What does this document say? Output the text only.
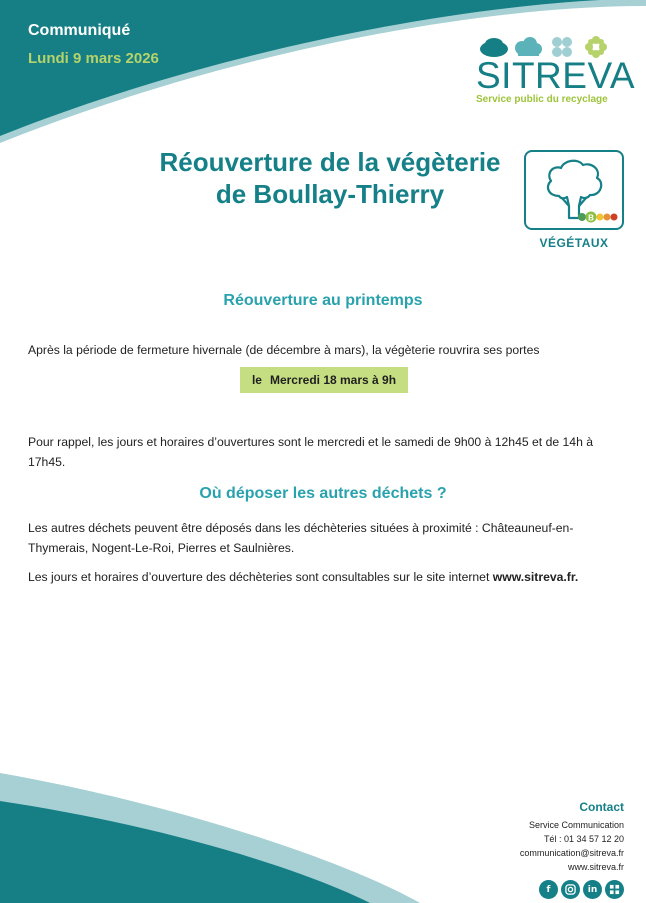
Communiqué

Lundi 9 mars 2026	SITREVA
Service public du recyclage
Réouverture de la végèterie
de Boullay-Thierry
B
VÉGÉTAUX
Réouverture au printemps

Après la période de fermeture hivernale (de décembre à mars), la végèterie rouvrira ses portes

le Mercredi 18 mars à 9h

Pour rappel, les jours et horaires d’ouvertures sont le mercredi et le samedi de 9h00 à 12h45 et de 14h à 17h45.

Où déposer les autres déchets ?

Les autres déchets peuvent être déposés dans les déchèteries situées à proximité : Châteauneuf-en-Thymerais, Nogent-Le-Roi, Pierres et Saulnières.

Les jours et horaires d’ouverture des déchèteries sont consultables sur le site internet www.sitreva.fr.

Contact
Service Communication
Tél : 01 34 57 12 20
communication@sitreva.fr
www.sitreva.fr
f	in
